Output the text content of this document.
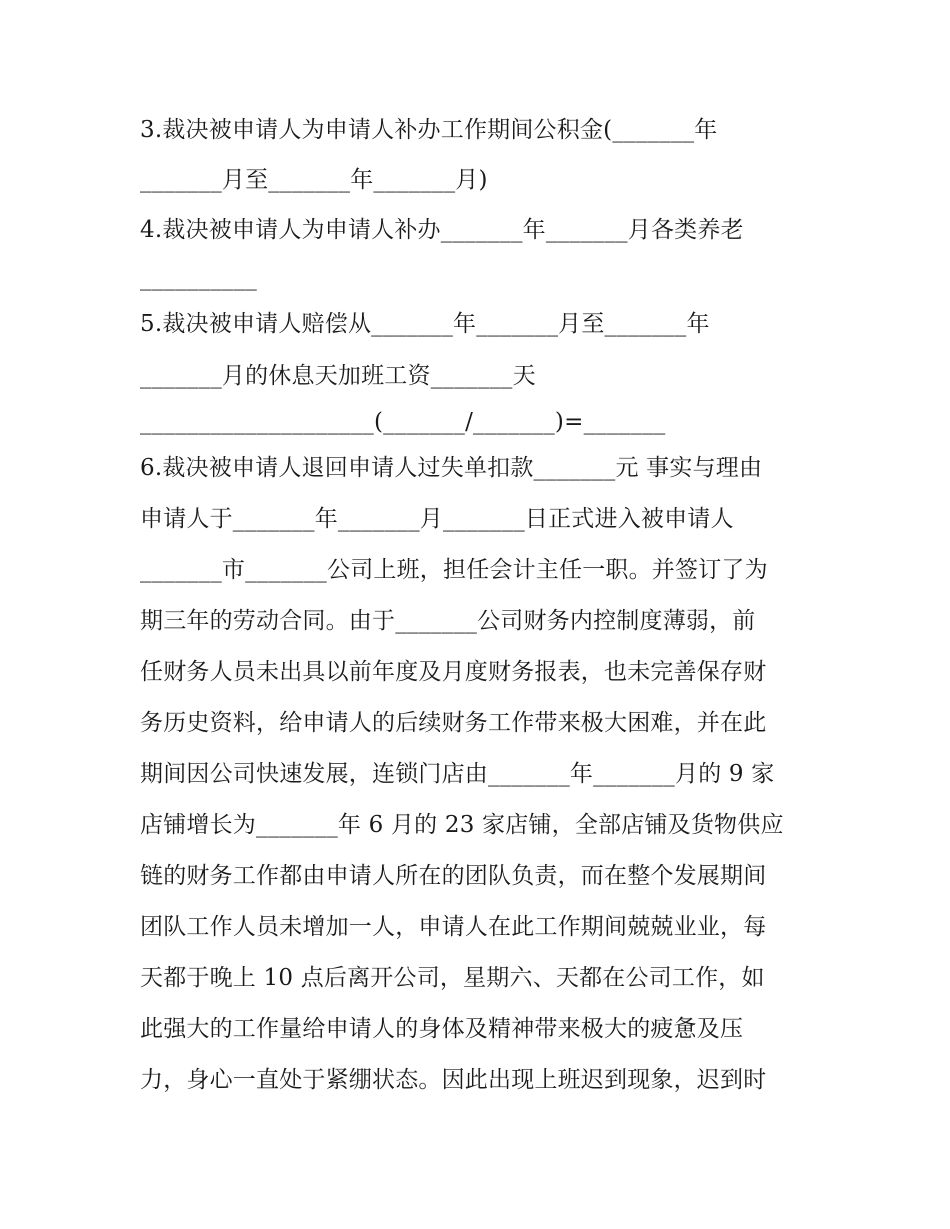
3.裁决被申请人为申请人补办工作期间公积金(_______年
_______月至_______年_______月)
4.裁决被申请人为申请人补办_______年_______月各类养老
__________
5.裁决被申请人赔偿从_______年_______月至_______年
_______月的休息天加班工资_______天
____________________(_______/_______)=_______
6.裁决被申请人退回申请人过失单扣款_______元 事实与理由
申请人于_______年_______月_______日正式进入被申请人
_______市_______公司上班，担任会计主任一职。并签订了为
期三年的劳动合同。由于_______公司财务内控制度薄弱，前
任财务人员未出具以前年度及月度财务报表，也未完善保存财
务历史资料，给申请人的后续财务工作带来极大困难，并在此
期间因公司快速发展，连锁门店由_______年_______月的 9 家
店铺增长为_______年 6 月的 23 家店铺，全部店铺及货物供应
链的财务工作都由申请人所在的团队负责，而在整个发展期间
团队工作人员未增加一人，申请人在此工作期间兢兢业业，每
天都于晚上 10 点后离开公司，星期六、天都在公司工作，如
此强大的工作量给申请人的身体及精神带来极大的疲惫及压
力，身心一直处于紧绷状态。因此出现上班迟到现象，迟到时
